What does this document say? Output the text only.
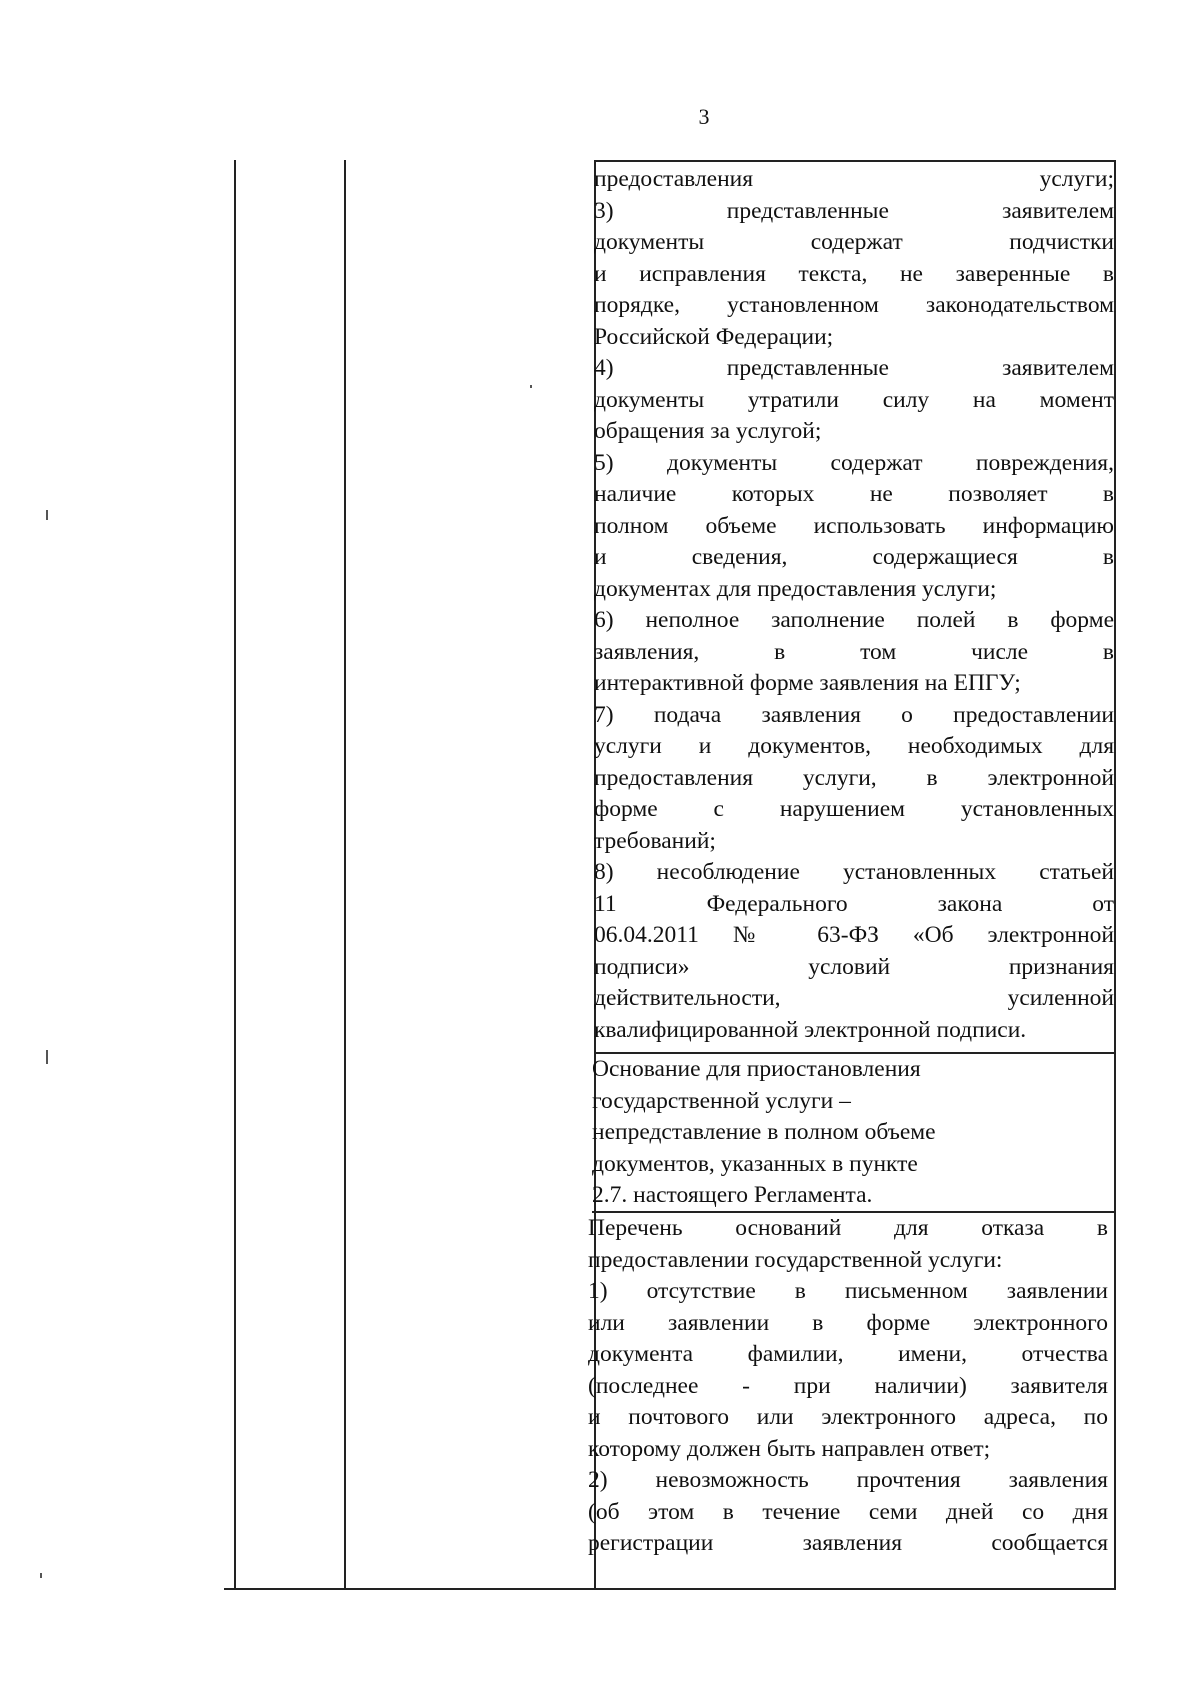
3
предоставления услуги;
3) представленные заявителем
документы содержат подчистки
и исправления текста, не заверенные в
порядке, установленном законодательством
Российской Федерации;
4) представленные заявителем
документы утратили силу на момент
обращения за услугой;
5) документы содержат повреждения,
наличие которых не позволяет в
полном объеме использовать информацию
и сведения, содержащиеся в
документах для предоставления услуги;
6) неполное заполнение полей в форме
заявления, в том числе в
интерактивной форме заявления на ЕПГУ;
7) подача заявления о предоставлении
услуги и документов, необходимых для
предоставления услуги, в электронной
форме с нарушением установленных
требований;
8) несоблюдение установленных статьей
11 Федерального закона от
06.04.2011 № 63-ФЗ «Об электронной
подписи» условий признания
действительности, усиленной
квалифицированной электронной подписи.
Основание для приостановления
государственной услуги –
непредставление в полном объеме
документов, указанных в пункте
2.7. настоящего Регламента.
Перечень оснований для отказа в
предоставлении государственной услуги:
1) отсутствие в письменном заявлении
или заявлении в форме электронного
документа фамилии, имени, отчества
(последнее - при наличии) заявителя
и почтового или электронного адреса, по
которому должен быть направлен ответ;
2) невозможность прочтения заявления
(об этом в течение семи дней со дня
регистрации заявления сообщается
